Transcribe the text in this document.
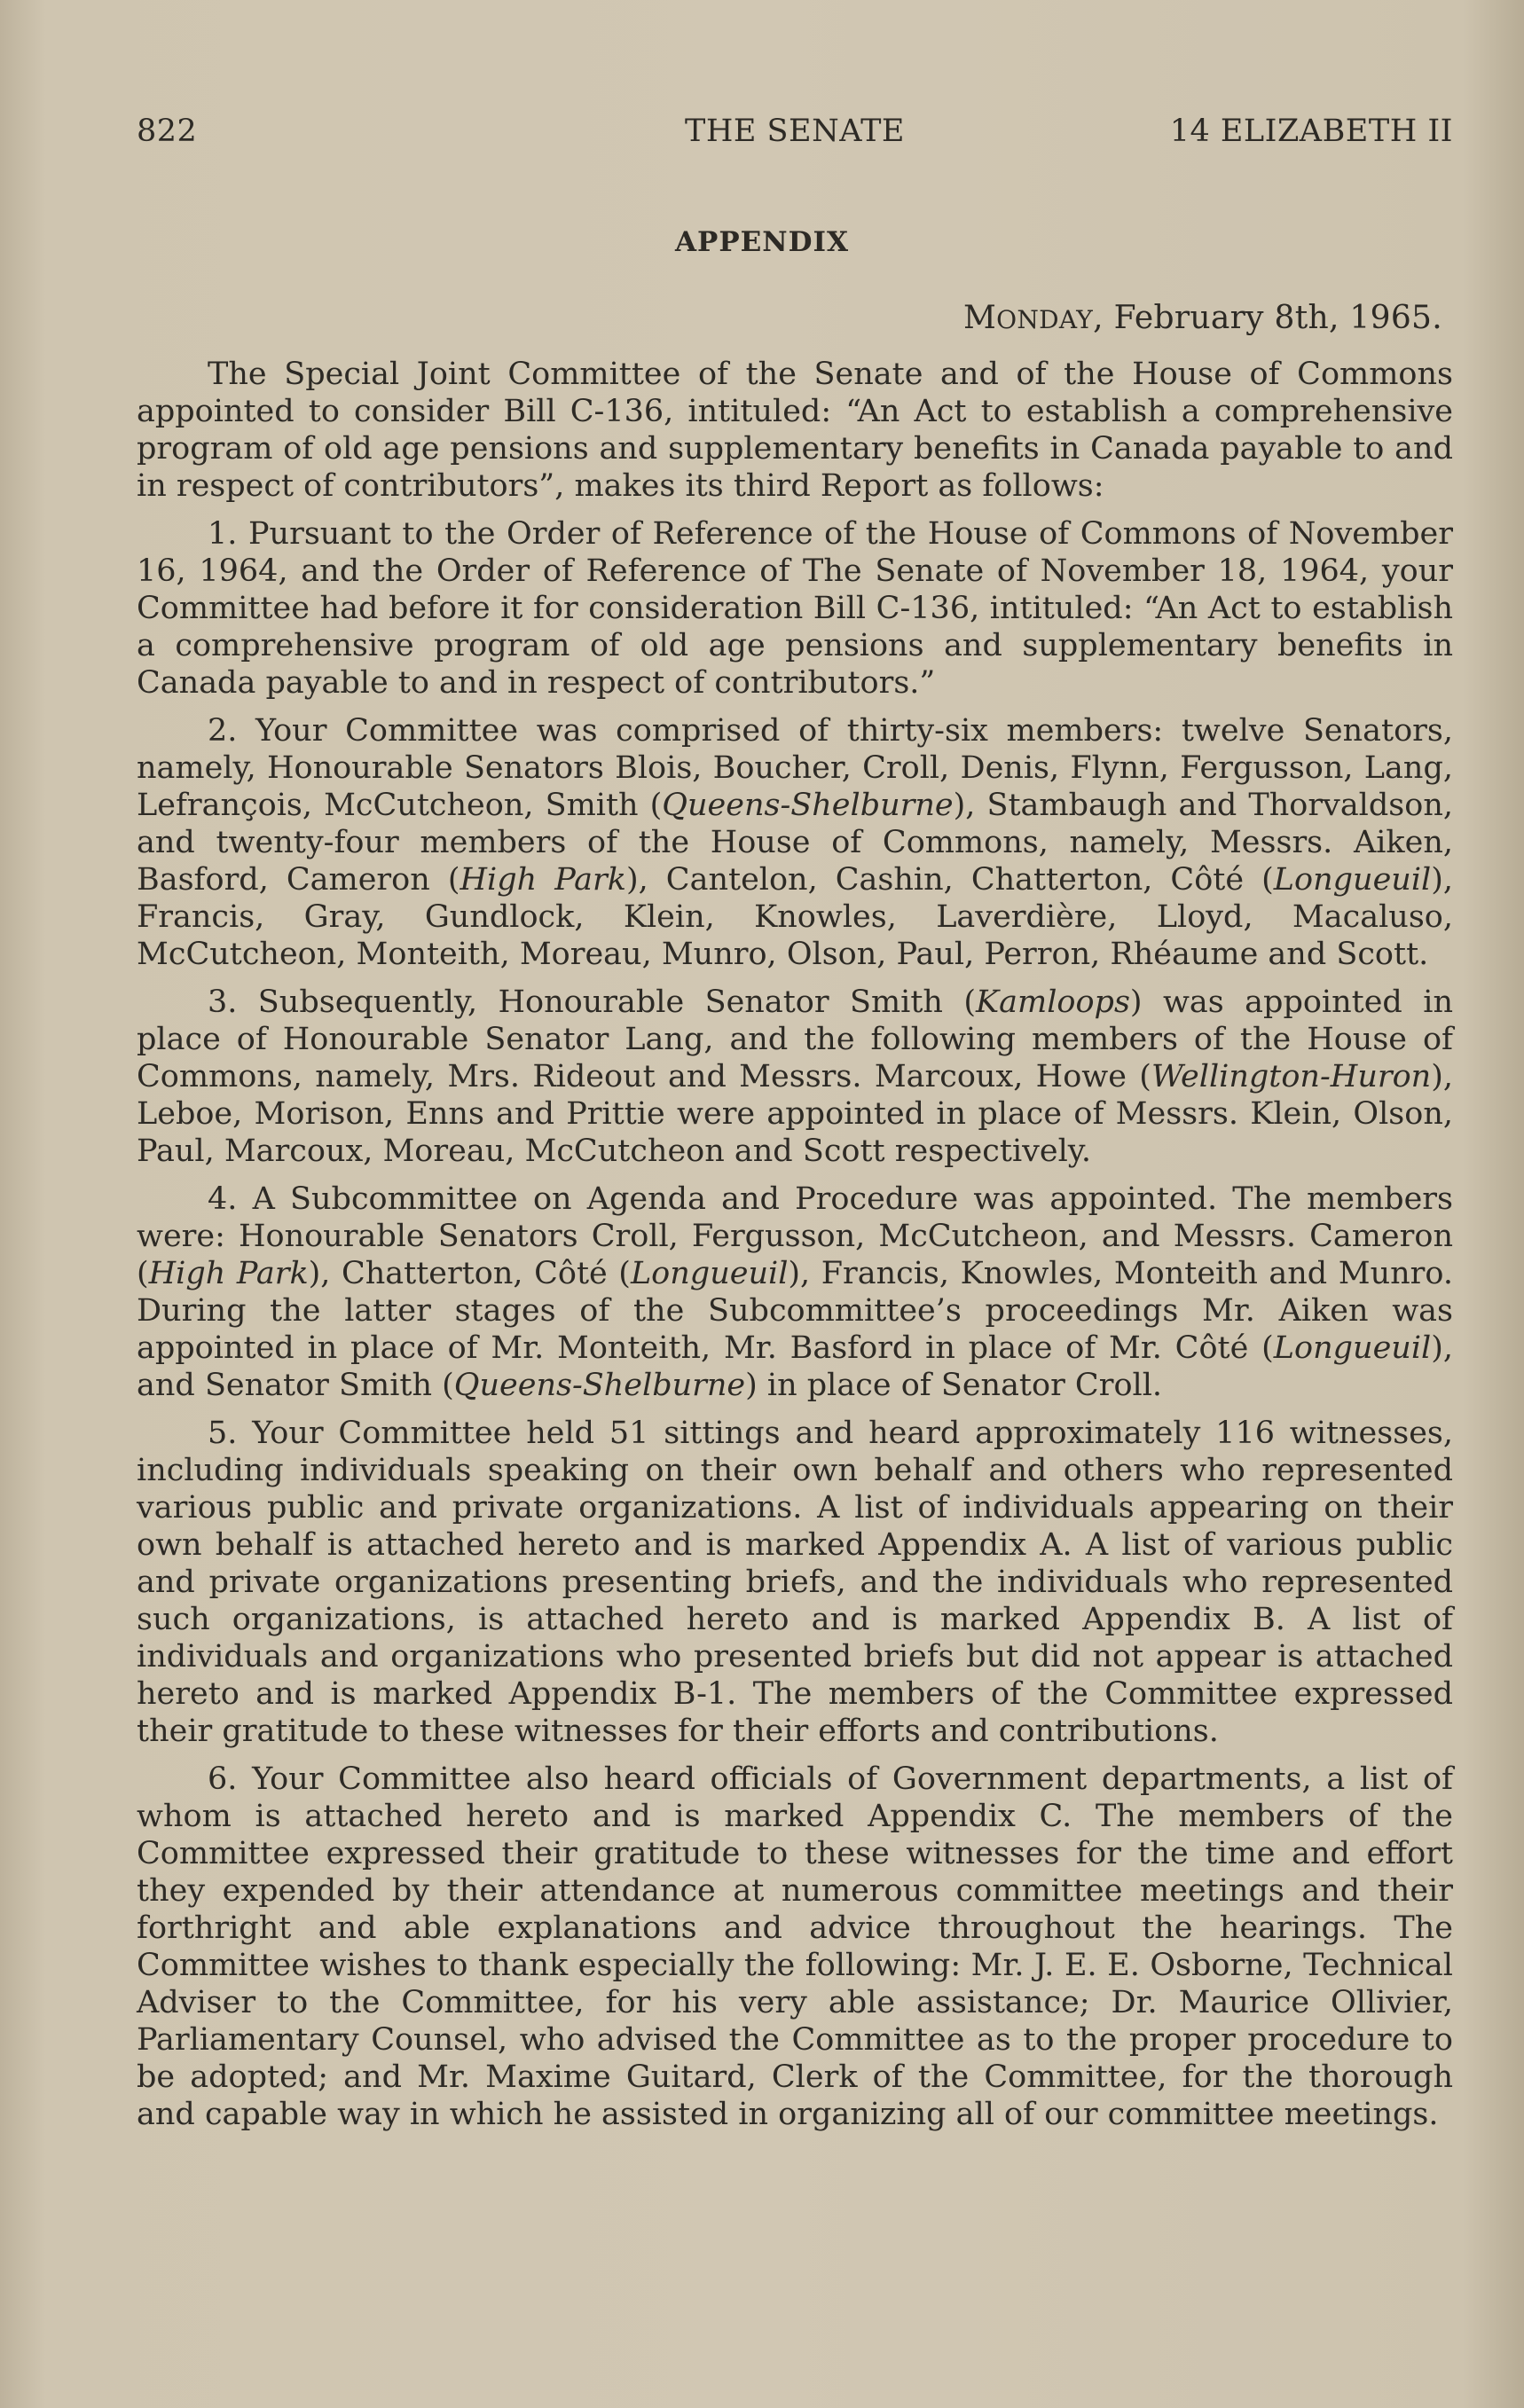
822	THE SENATE	14 ELIZABETH II
APPENDIX
MONDAY, February 8th, 1965.

The Special Joint Committee of the Senate and of the House of Commons appointed to consider Bill C-136, intituled: “An Act to establish a comprehensive program of old age pensions and supplementary benefits in Canada payable to and in respect of contributors”, makes its third Report as follows:

1. Pursuant to the Order of Reference of the House of Commons of November 16, 1964, and the Order of Reference of The Senate of November 18, 1964, your Committee had before it for consideration Bill C-136, intituled: “An Act to establish a comprehensive program of old age pensions and supplementary benefits in Canada payable to and in respect of contributors.”

2. Your Committee was comprised of thirty-six members: twelve Senators, namely, Honourable Senators Blois, Boucher, Croll, Denis, Flynn, Fergusson, Lang, Lefrançois, McCutcheon, Smith (Queens-Shelburne), Stambaugh and Thorvaldson, and twenty-four members of the House of Commons, namely, Messrs. Aiken, Basford, Cameron (High Park), Cantelon, Cashin, Chatterton, Côté (Longueuil), Francis, Gray, Gundlock, Klein, Knowles, Laverdière, Lloyd, Macaluso, McCutcheon, Monteith, Moreau, Munro, Olson, Paul, Perron, Rhéaume and Scott.

3. Subsequently, Honourable Senator Smith (Kamloops) was appointed in place of Honourable Senator Lang, and the following members of the House of Commons, namely, Mrs. Rideout and Messrs. Marcoux, Howe (Wellington-Huron), Leboe, Morison, Enns and Prittie were appointed in place of Messrs. Klein, Olson, Paul, Marcoux, Moreau, McCutcheon and Scott respectively.

4. A Subcommittee on Agenda and Procedure was appointed. The members were: Honourable Senators Croll, Fergusson, McCutcheon, and Messrs. Cameron (High Park), Chatterton, Côté (Longueuil), Francis, Knowles, Monteith and Munro. During the latter stages of the Subcommittee’s proceedings Mr. Aiken was appointed in place of Mr. Monteith, Mr. Basford in place of Mr. Côté (Longueuil), and Senator Smith (Queens-Shelburne) in place of Senator Croll.

5. Your Committee held 51 sittings and heard approximately 116 witnesses, including individuals speaking on their own behalf and others who represented various public and private organizations. A list of individuals appearing on their own behalf is attached hereto and is marked Appendix A. A list of various public and private organizations presenting briefs, and the individuals who represented such organizations, is attached hereto and is marked Appendix B. A list of individuals and organizations who presented briefs but did not appear is attached hereto and is marked Appendix B-1. The members of the Committee expressed their gratitude to these witnesses for their efforts and contributions.

6. Your Committee also heard officials of Government departments, a list of whom is attached hereto and is marked Appendix C. The members of the Committee expressed their gratitude to these witnesses for the time and effort they expended by their attendance at numerous committee meetings and their forthright and able explanations and advice throughout the hearings. The Committee wishes to thank especially the following: Mr. J. E. E. Osborne, Technical Adviser to the Committee, for his very able assistance; Dr. Maurice Ollivier, Parliamentary Counsel, who advised the Committee as to the proper procedure to be adopted; and Mr. Maxime Guitard, Clerk of the Committee, for the thorough and capable way in which he assisted in organizing all of our committee meetings.
